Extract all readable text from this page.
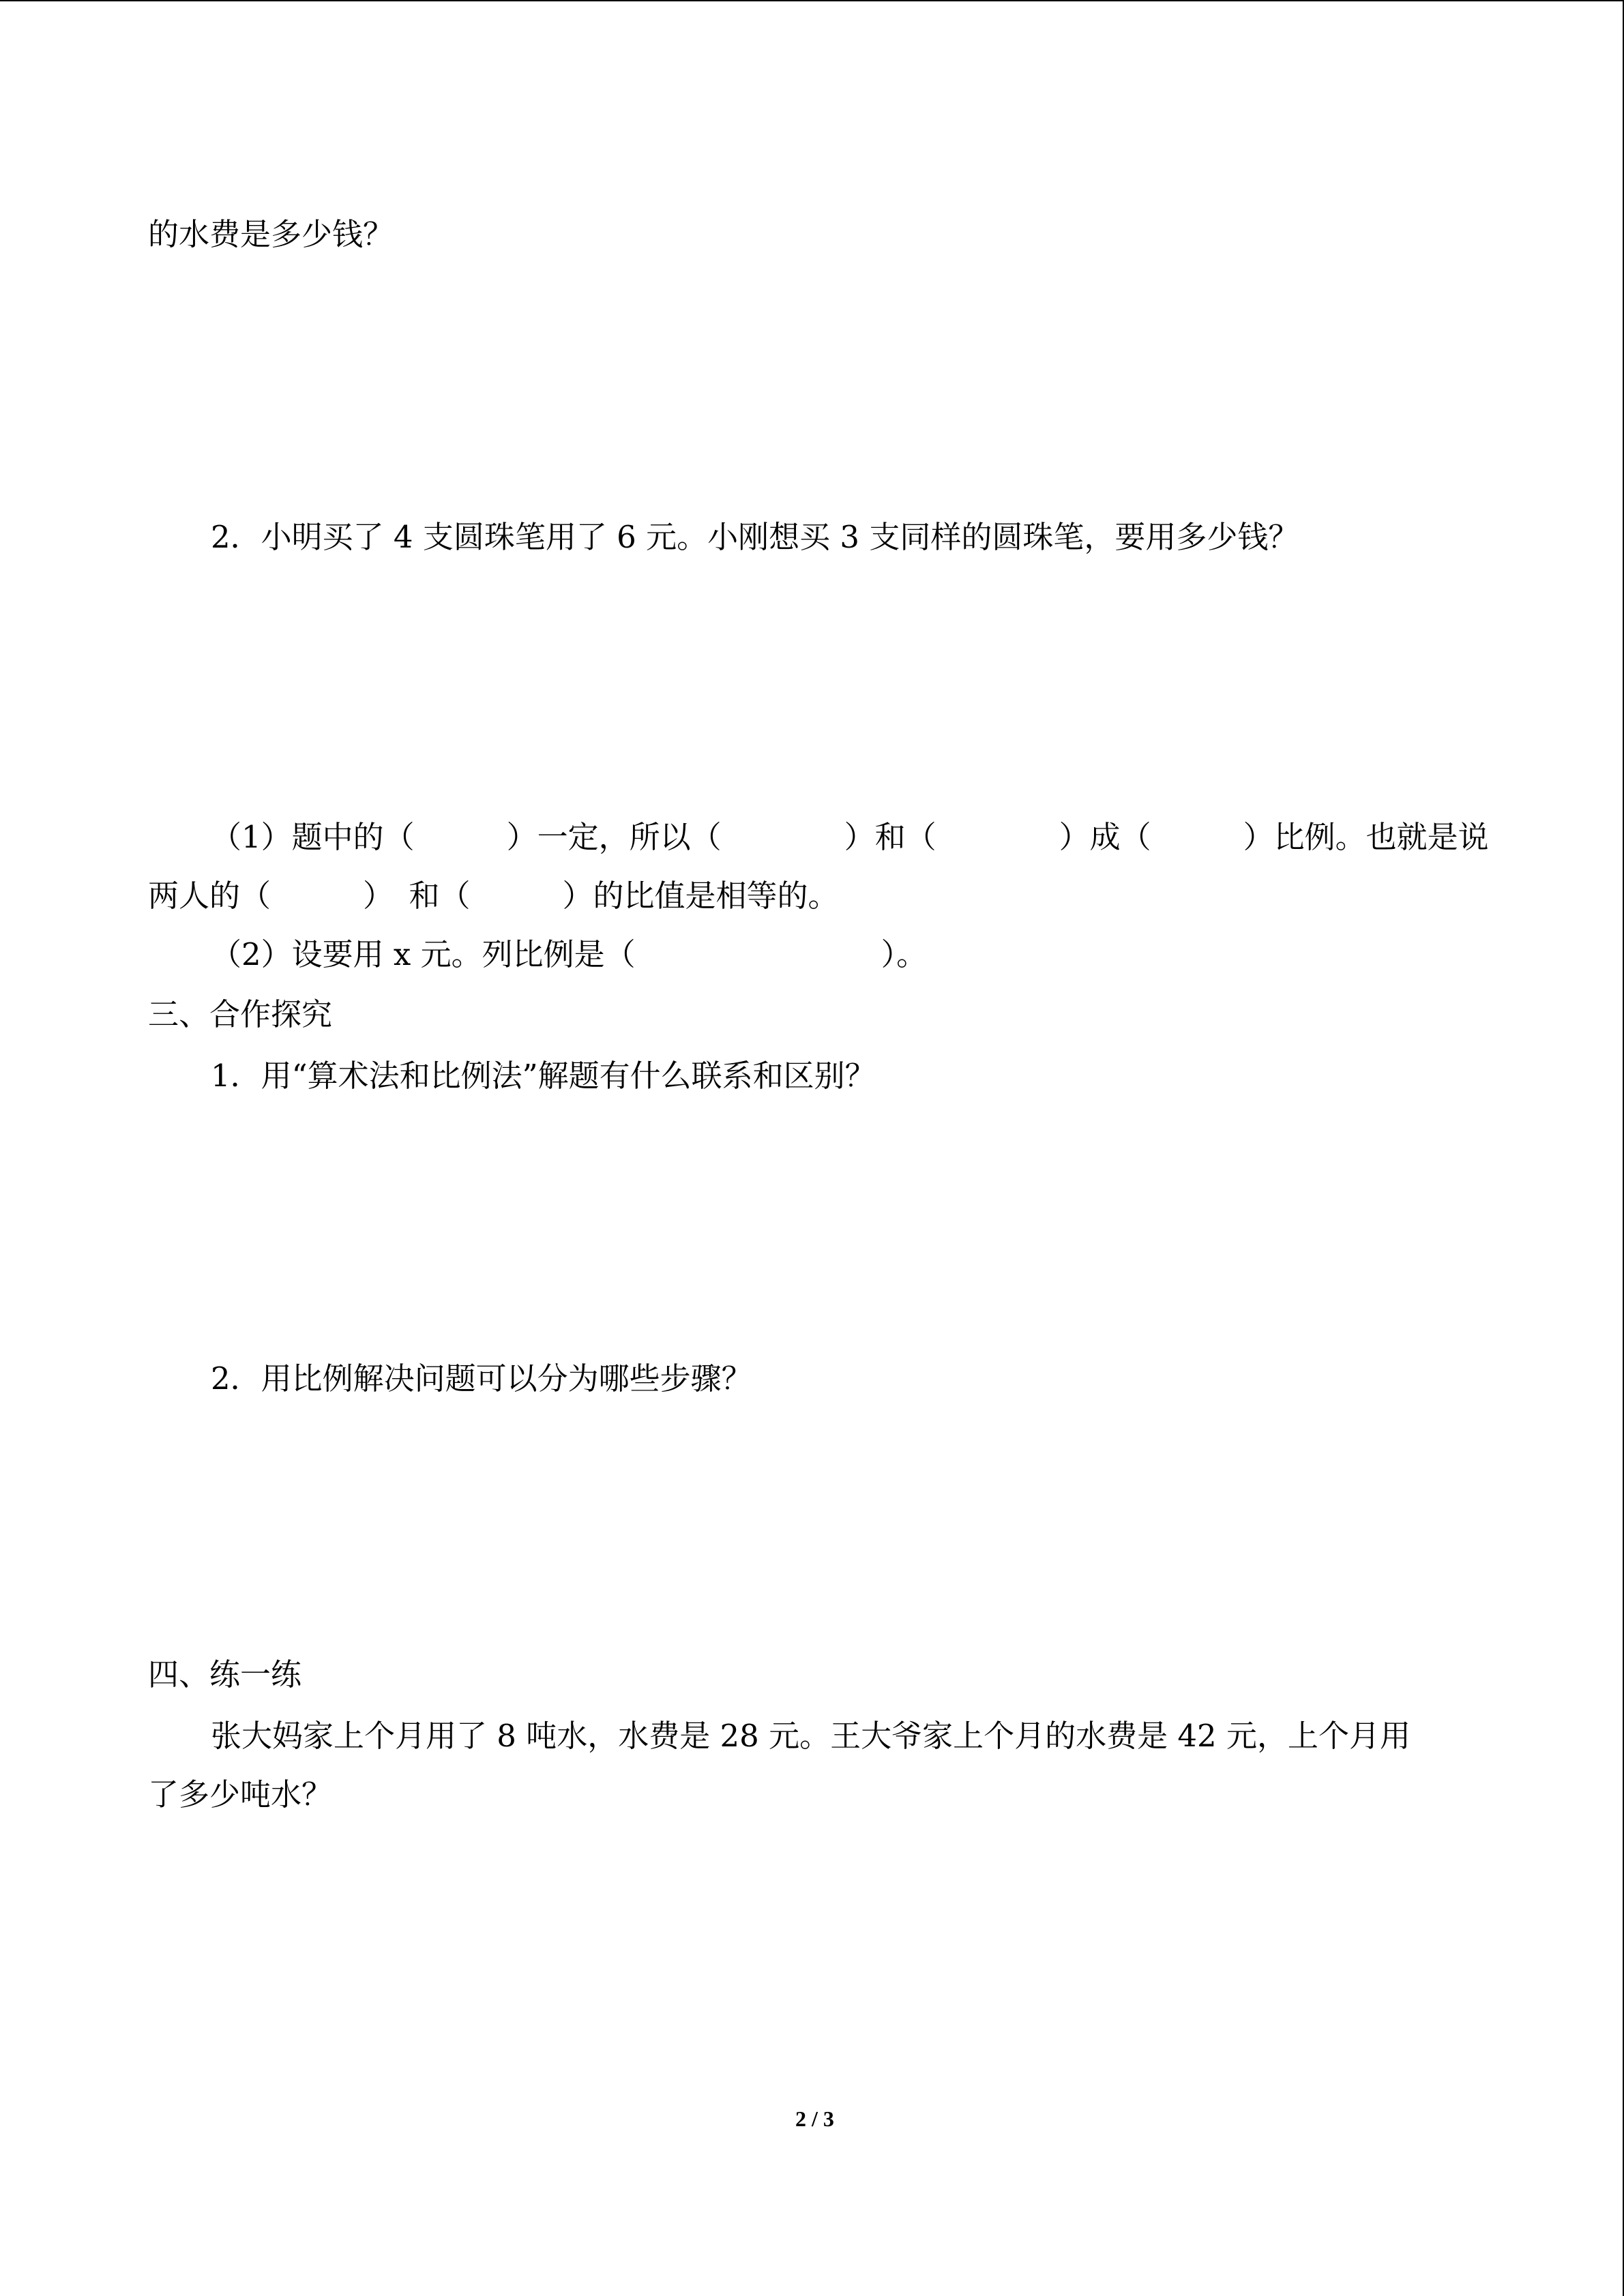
的水费是多少钱？
2．小明买了 4 支圆珠笔用了 6 元。小刚想买 3 支同样的圆珠笔，要用多少钱？
（1）题中的（　　　）一定，所以（　　　　）和（　　　　）成（　　　）比例。也就是说
两人的（　　　）　和（　　　）的比值是相等的。
（2）设要用 x 元。列比例是（　　　　　　　　）。
三、合作探究
1．用“算术法和比例法”解题有什么联系和区别？
2．用比例解决问题可以分为哪些步骤？
四、练一练
张大妈家上个月用了 8 吨水，水费是 28 元。王大爷家上个月的水费是 42 元，上个月用
了多少吨水？
2 / 3
